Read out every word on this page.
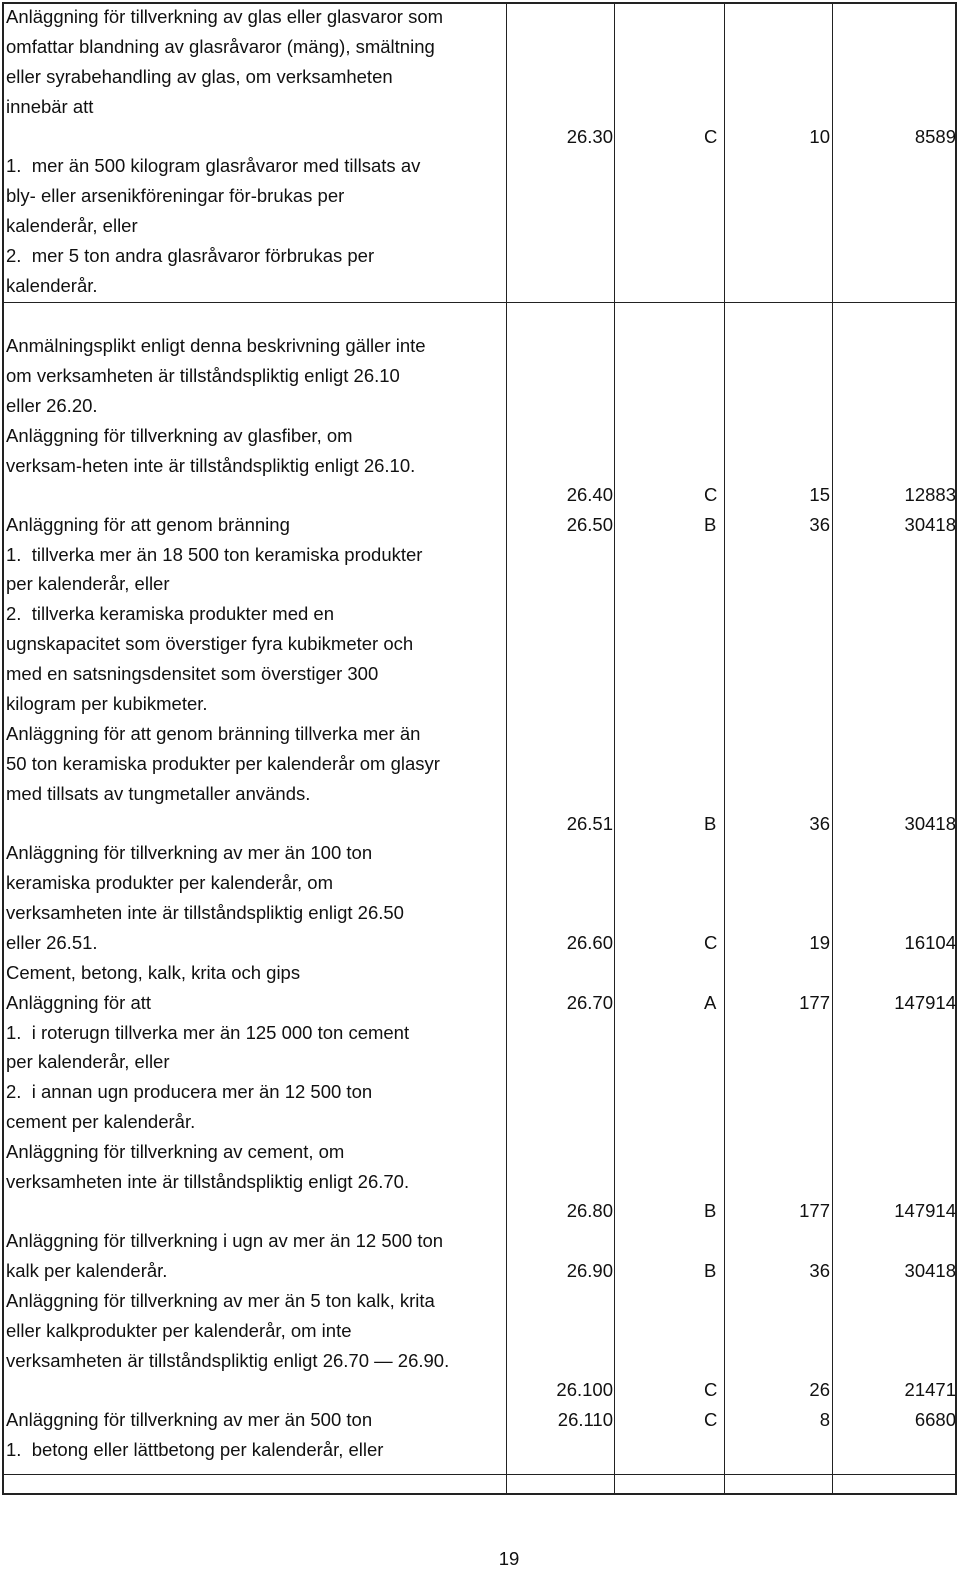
Anläggning för tillverkning av glas eller glasvaror som
omfattar blandning av glasråvaror (mäng), smältning
eller syrabehandling av glas, om verksamheten
innebär att
1.  mer än 500 kilogram glasråvaror med tillsats av
bly- eller arsenikföreningar för-brukas per
kalenderår, eller
2.  mer 5 ton andra glasråvaror förbrukas per
kalenderår.
26.30	C	10	8589
Anmälningsplikt enligt denna beskrivning gäller inte
om verksamheten är tillståndspliktig enligt 26.10
eller 26.20.
Anläggning för tillverkning av glasfiber, om
verksam-heten inte är tillståndspliktig enligt 26.10.
26.40	C	15	12883
Anläggning för att genom bränning
1.  tillverka mer än 18 500 ton keramiska produkter
per kalenderår, eller
2.  tillverka keramiska produkter med en
ugnskapacitet som överstiger fyra kubikmeter och
med en satsningsdensitet som överstiger 300
kilogram per kubikmeter.
26.50	B	36	30418
Anläggning för att genom bränning tillverka mer än
50 ton keramiska produkter per kalenderår om glasyr
med tillsats av tungmetaller används.
26.51	B	36	30418
Anläggning för tillverkning av mer än 100 ton
keramiska produkter per kalenderår, om
verksamheten inte är tillståndspliktig enligt 26.50
eller 26.51.	26.60	C	19	16104
Cement, betong, kalk, krita och gips
Anläggning för att
1.  i roterugn tillverka mer än 125 000 ton cement
per kalenderår, eller
2.  i annan ugn producera mer än 12 500 ton
cement per kalenderår.
26.70	A	177	147914
Anläggning för tillverkning av cement, om
verksamheten inte är tillståndspliktig enligt 26.70.
26.80	B	177	147914
Anläggning för tillverkning i ugn av mer än 12 500 ton
kalk per kalenderår.	26.90	B	36	30418
Anläggning för tillverkning av mer än 5 ton kalk, krita
eller kalkprodukter per kalenderår, om inte
verksamheten är tillståndspliktig enligt 26.70 — 26.90.
26.100	C	26	21471
Anläggning för tillverkning av mer än 500 ton
1.  betong eller lättbetong per kalenderår, eller
26.110	C	8	6680
19
